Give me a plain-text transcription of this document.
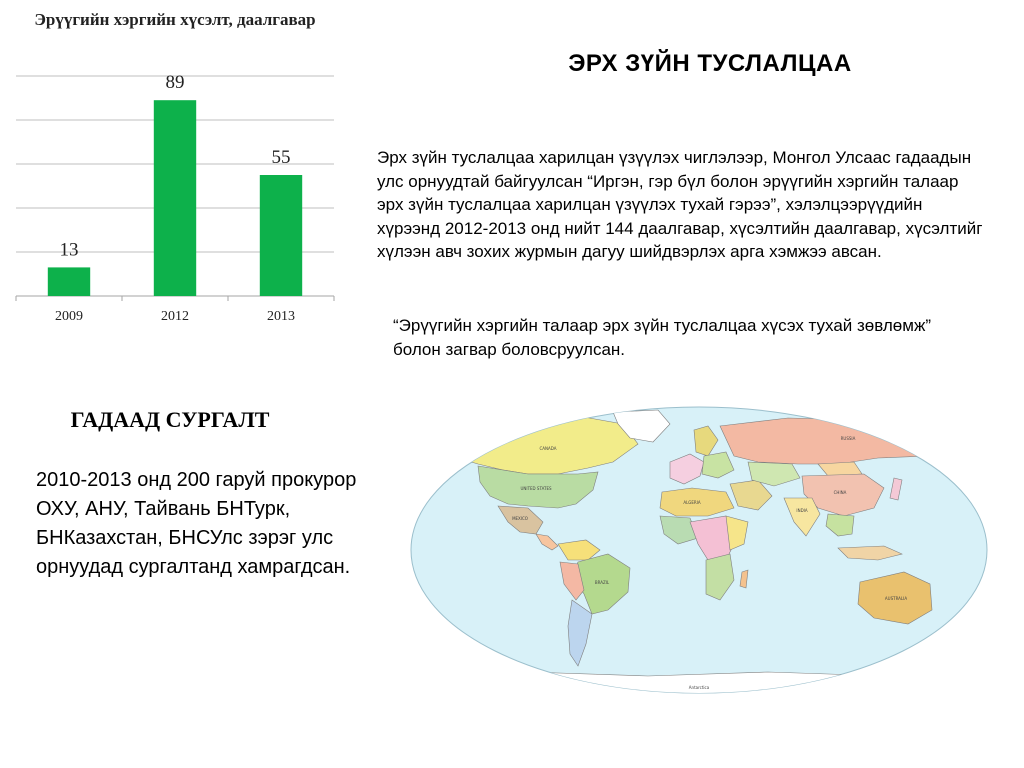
Эрүүгийн хэргийн хүсэлт, даалгавар
13
2009
89
2012
55
2013
ЭРХ ЗҮЙН ТУСЛАЛЦАА
Эрх зүйн туслалцаа харилцан үзүүлэх чиглэлээр, Монгол Улсаас гадаадын улс орнуудтай байгуулсан “Иргэн, гэр бүл болон эрүүгийн хэргийн талаар эрх зүйн туслалцаа харилцан үзүүлэх тухай гэрээ”, хэлэлцээрүүдийн хүрээнд 2012-2013 онд нийт 144 даалгавар, хүсэлтийн даалгавар, хүсэлтийг хүлээн авч зохих журмын дагуу шийдвэрлэх арга хэмжээ авсан.
“Эрүүгийн хэргийн талаар эрх зүйн туслалцаа хүсэх тухай зөвлөмж” болон загвар боловсруулсан.
ГАДААД СУРГАЛТ
2010-2013 онд 200 гаруй прокурор ОХУ, АНУ, Тайвань БНТурк, БНКазахстан, БНСУлс зэрэг улс орнуудад сургалтанд хамрагдсан.
CANADA
UNITED STATES
MEXICO
BRAZIL
RUSSIA
CHINA
INDIA
AUSTRALIA
ALGERIA
Antarctica
